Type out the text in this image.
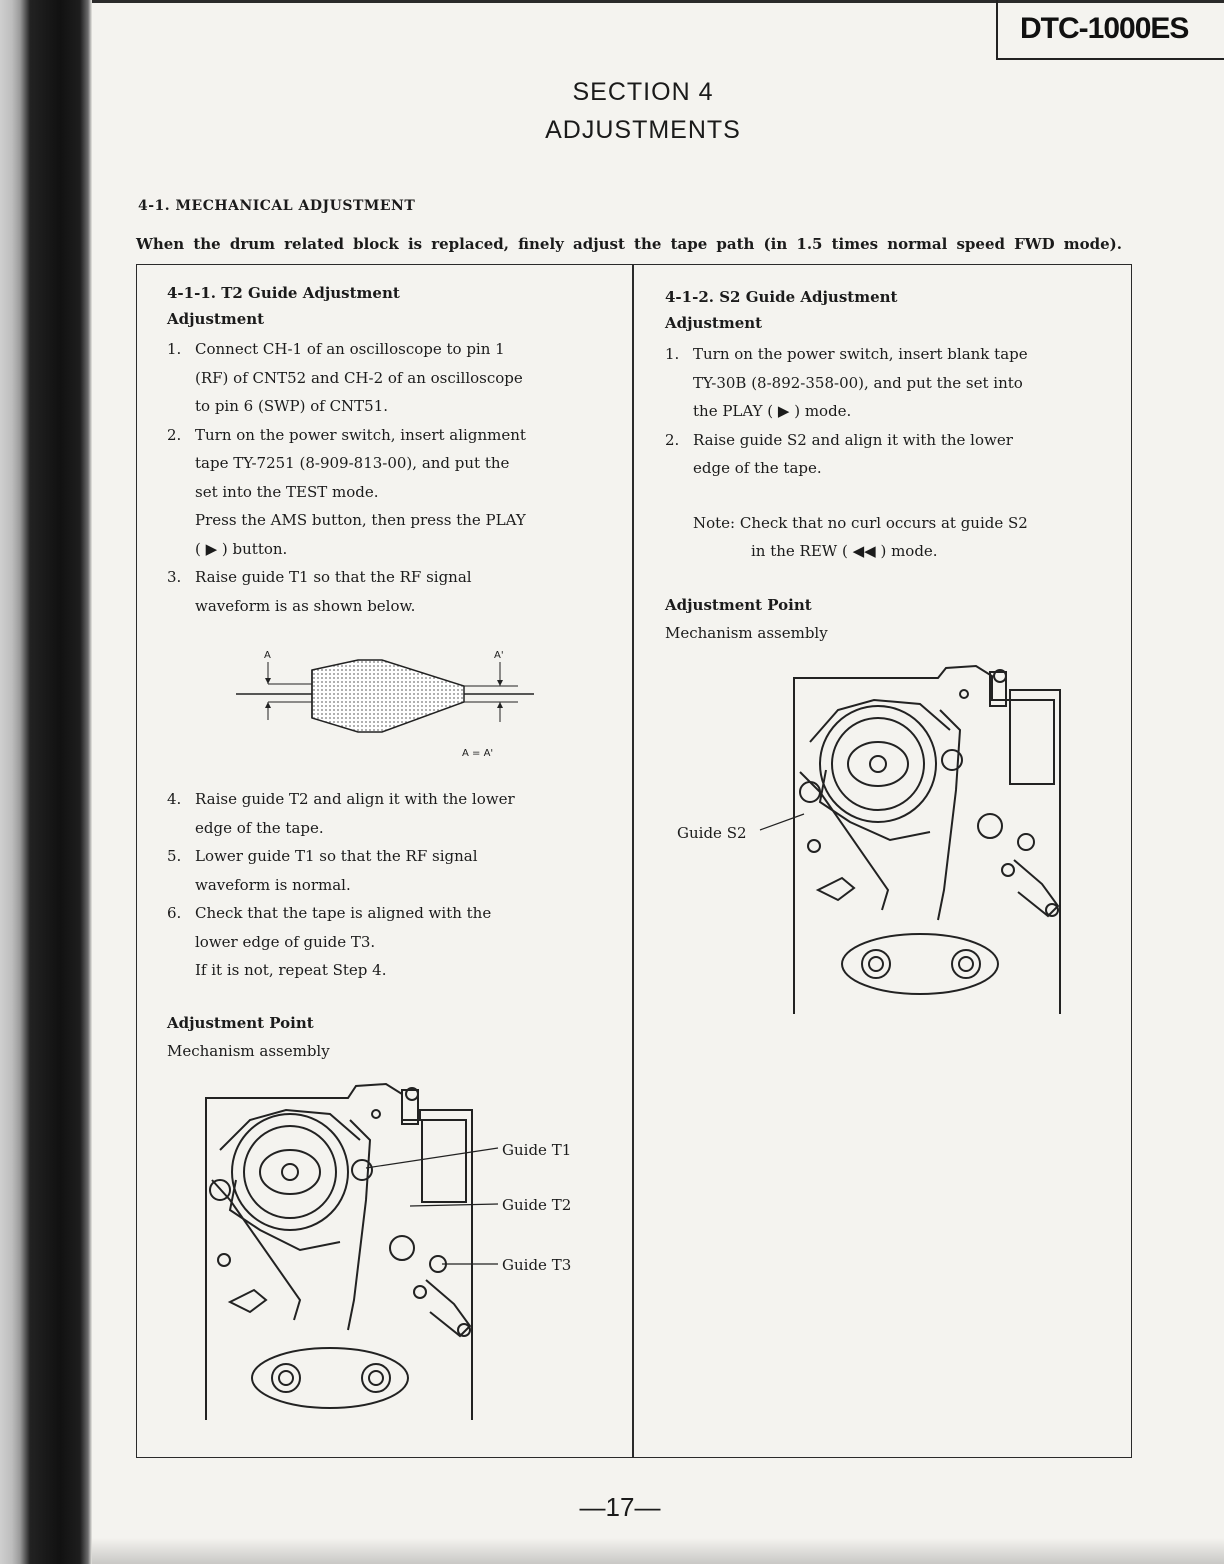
DTC-1000ES
SECTION 4
ADJUSTMENTS
4-1. MECHANICAL ADJUSTMENT
When the drum related block is replaced, finely adjust the tape path (in 1.5 times normal speed FWD mode).
4-1-1. T2 Guide Adjustment
Adjustment
1. Connect CH-1 of an oscilloscope to pin 1
(RF) of CNT52 and CH-2 of an oscilloscope
to pin 6 (SWP) of CNT51.
2. Turn on the power switch, insert alignment
tape TY-7251 (8-909-813-00), and put the
set into the TEST mode.
Press the AMS button, then press the PLAY
( ▶ ) button.
3. Raise guide T1 so that the RF signal
waveform is as shown below.
A	A'
A = A'
4. Raise guide T2 and align it with the lower
edge of the tape.
5. Lower guide T1 so that the RF signal
waveform is normal.
6. Check that the tape is aligned with the
lower edge of guide T3.
If it is not, repeat Step 4.
Adjustment Point
Mechanism assembly
Guide T1
Guide T2
Guide T3
4-1-2. S2 Guide Adjustment
Adjustment
1. Turn on the power switch, insert blank tape
TY-30B (8-892-358-00), and put the set into
the PLAY ( ▶ ) mode.
2. Raise guide S2 and align it with the lower
edge of the tape.
Note: Check that no curl occurs at guide S2
in the REW ( ◀◀ ) mode.
Adjustment Point
Mechanism assembly
Guide S2
—17—
